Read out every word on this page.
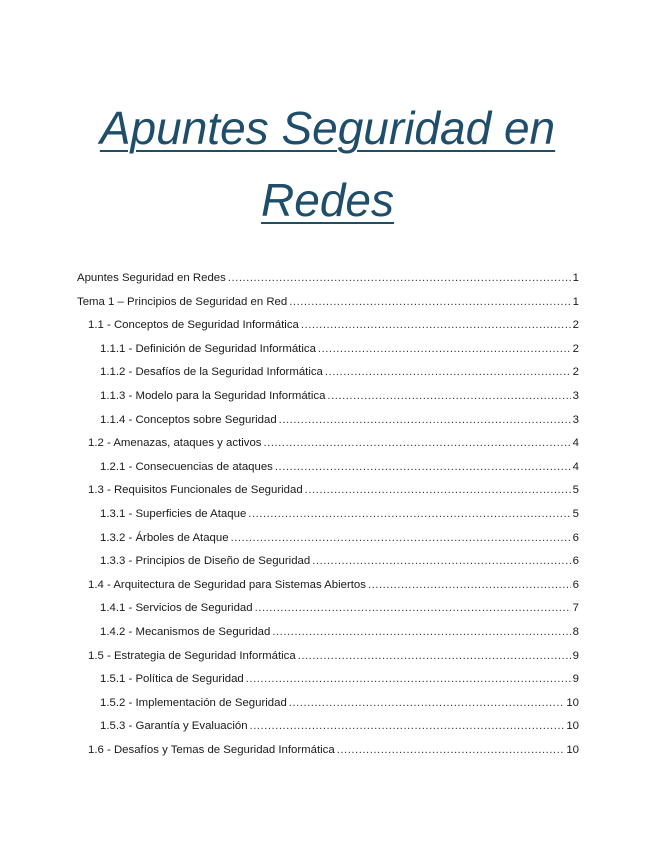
Apuntes Seguridad en
Redes
Apuntes Seguridad en Redes .....	1
Tema 1 – Principios de Seguridad en Red .....	1
1.1 - Conceptos de Seguridad Informática .....	2
1.1.1 - Definición de Seguridad Informática .....	2
1.1.2 - Desafíos de la Seguridad Informática .....	2
1.1.3 - Modelo para la Seguridad Informática .....	3
1.1.4 - Conceptos sobre Seguridad .....	3
1.2 - Amenazas, ataques y activos .....	4
1.2.1 - Consecuencias de ataques .....	4
1.3 - Requisitos Funcionales de Seguridad .....	5
1.3.1 - Superficies de Ataque .....	5
1.3.2 - Árboles de Ataque .....	6
1.3.3 - Principios de Diseño de Seguridad .....	6
1.4 - Arquitectura de Seguridad para Sistemas Abiertos .....	6
1.4.1 - Servicios de Seguridad .....	7
1.4.2 - Mecanismos de Seguridad .....	8
1.5 - Estrategia de Seguridad Informática .....	9
1.5.1 - Política de Seguridad .....	9
1.5.2 - Implementación de Seguridad .....	10
1.5.3 - Garantía y Evaluación .....	10
1.6 - Desafíos y Temas de Seguridad Informática .....	10
